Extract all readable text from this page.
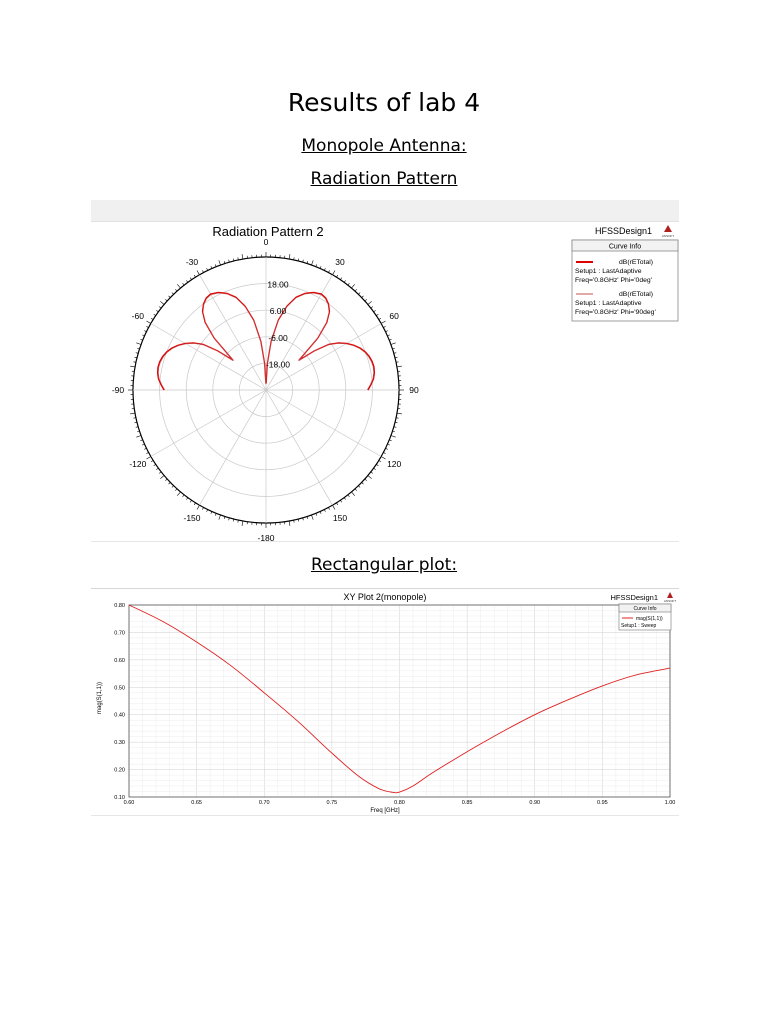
Results of lab 4
Monopole Antenna:
Radiation Pattern
Radiation Pattern 2	HFSSDesign1	ANSOFT
0
30
60
90
120
150
-180
-150
-120
-90
-60
-30
18.00
6.00
-6.00
-18.00
Curve Info
dB(rETotal)
Setup1 : LastAdaptive
Freq='0.8GHz' Phi='0deg'
dB(rETotal)
Setup1 : LastAdaptive
Freq='0.8GHz' Phi='90deg'
Rectangular plot:
XY Plot 2(monopole)	HFSSDesign1 ANSOFT
0.60	0.65	0.70	0.75	0.80	0.85	0.90	0.95	1.00
0.10
0.20
0.30
0.40
0.50
0.60
0.70
0.80
Freq [GHz]
mag(S(1,1))
Curve Info
mag(S(1,1))
Setup1 : Sweep
